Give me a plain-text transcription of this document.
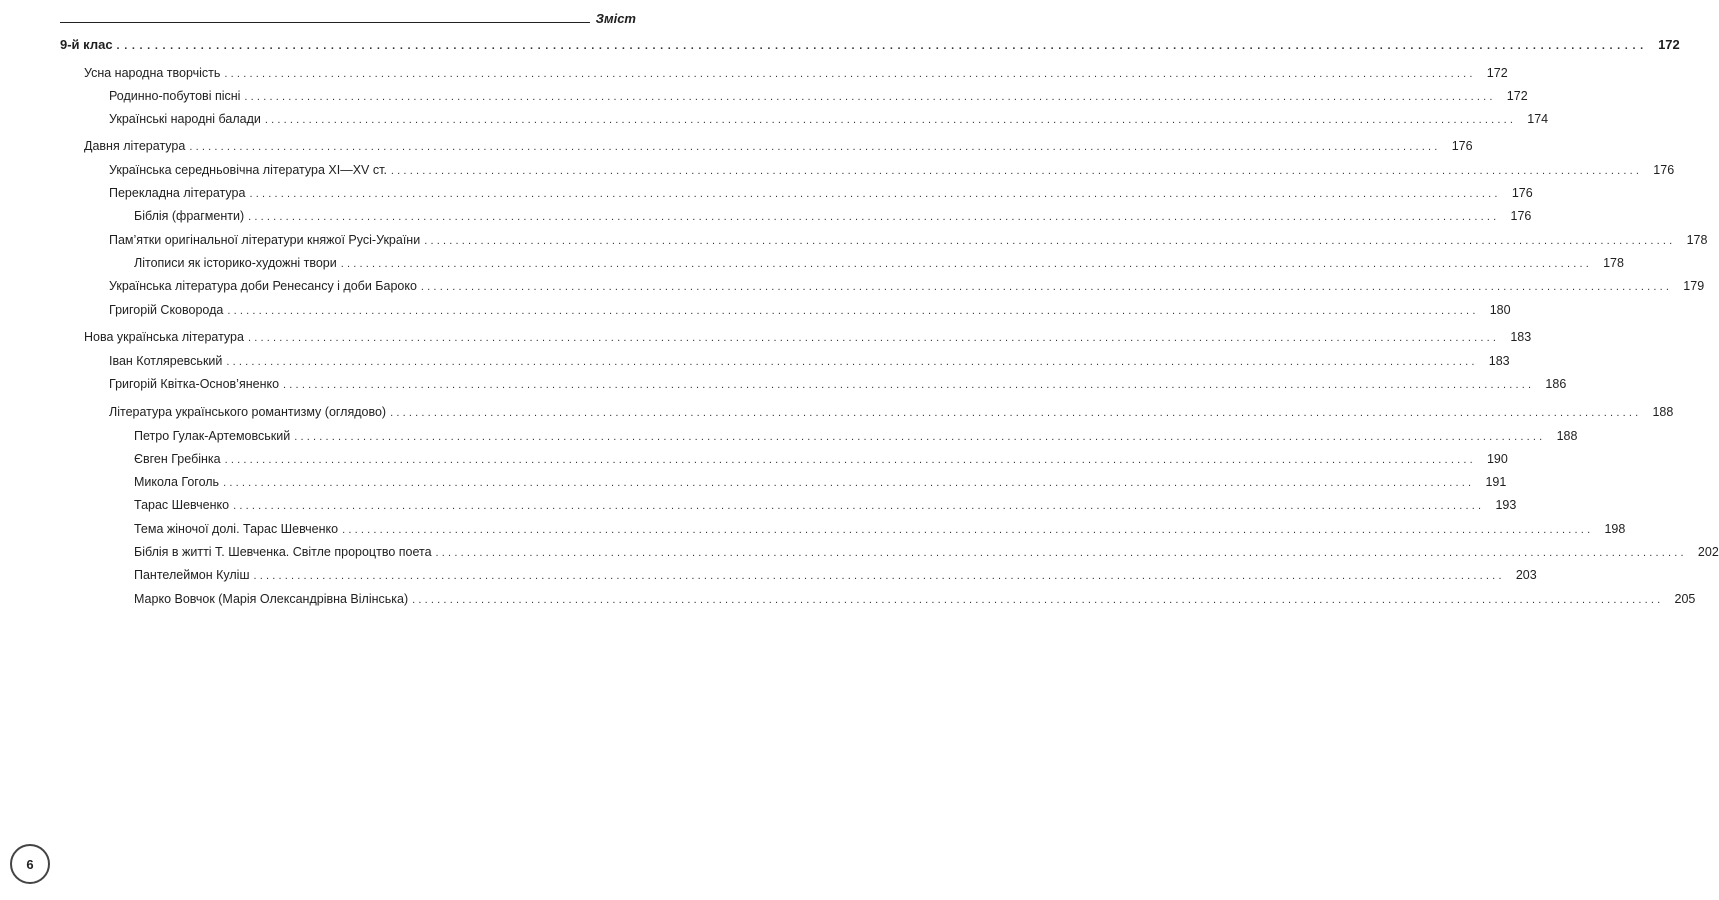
Зміст
9-й клас ........................................................................................................................................................................................................ 172
Усна народна творчість ........................................................................................................................................................................................................ 172
Родинно-побутові пісні ........................................................................................................................................................................................................ 172
Українські народні балади ........................................................................................................................................................................................................ 174
Давня література ........................................................................................................................................................................................................ 176
Українська середньовічна література XI—XV ст. ........................................................................................................................................................................................................ 176
Перекладна література ........................................................................................................................................................................................................ 176
Біблія (фрагменти) ........................................................................................................................................................................................................ 176
Пам’ятки оригінальної літератури княжої Русі-України ........................................................................................................................................................................................................ 178
Літописи як історико-художні твори ........................................................................................................................................................................................................ 178
Українська література доби Ренесансу і доби Бароко ........................................................................................................................................................................................................ 179
Григорій Сковорода ........................................................................................................................................................................................................ 180
Нова українська література ........................................................................................................................................................................................................ 183
Іван Котляревський ........................................................................................................................................................................................................ 183
Григорій Квітка-Основ’яненко ........................................................................................................................................................................................................ 186
Література українського романтизму (оглядово) ........................................................................................................................................................................................................ 188
Петро Гулак-Артемовський ........................................................................................................................................................................................................ 188
Євген Гребінка ........................................................................................................................................................................................................ 190
Микола Гоголь ........................................................................................................................................................................................................ 191
Тарас Шевченко ........................................................................................................................................................................................................ 193
Тема жіночої долі. Тарас Шевченко ........................................................................................................................................................................................................ 198
Біблія в житті Т. Шевченка. Світле пророцтво поета ........................................................................................................................................................................................................ 202
Пантелеймон Куліш ........................................................................................................................................................................................................ 203
Марко Вовчок (Марія Олександрівна Вілінська) ........................................................................................................................................................................................................ 205
6
